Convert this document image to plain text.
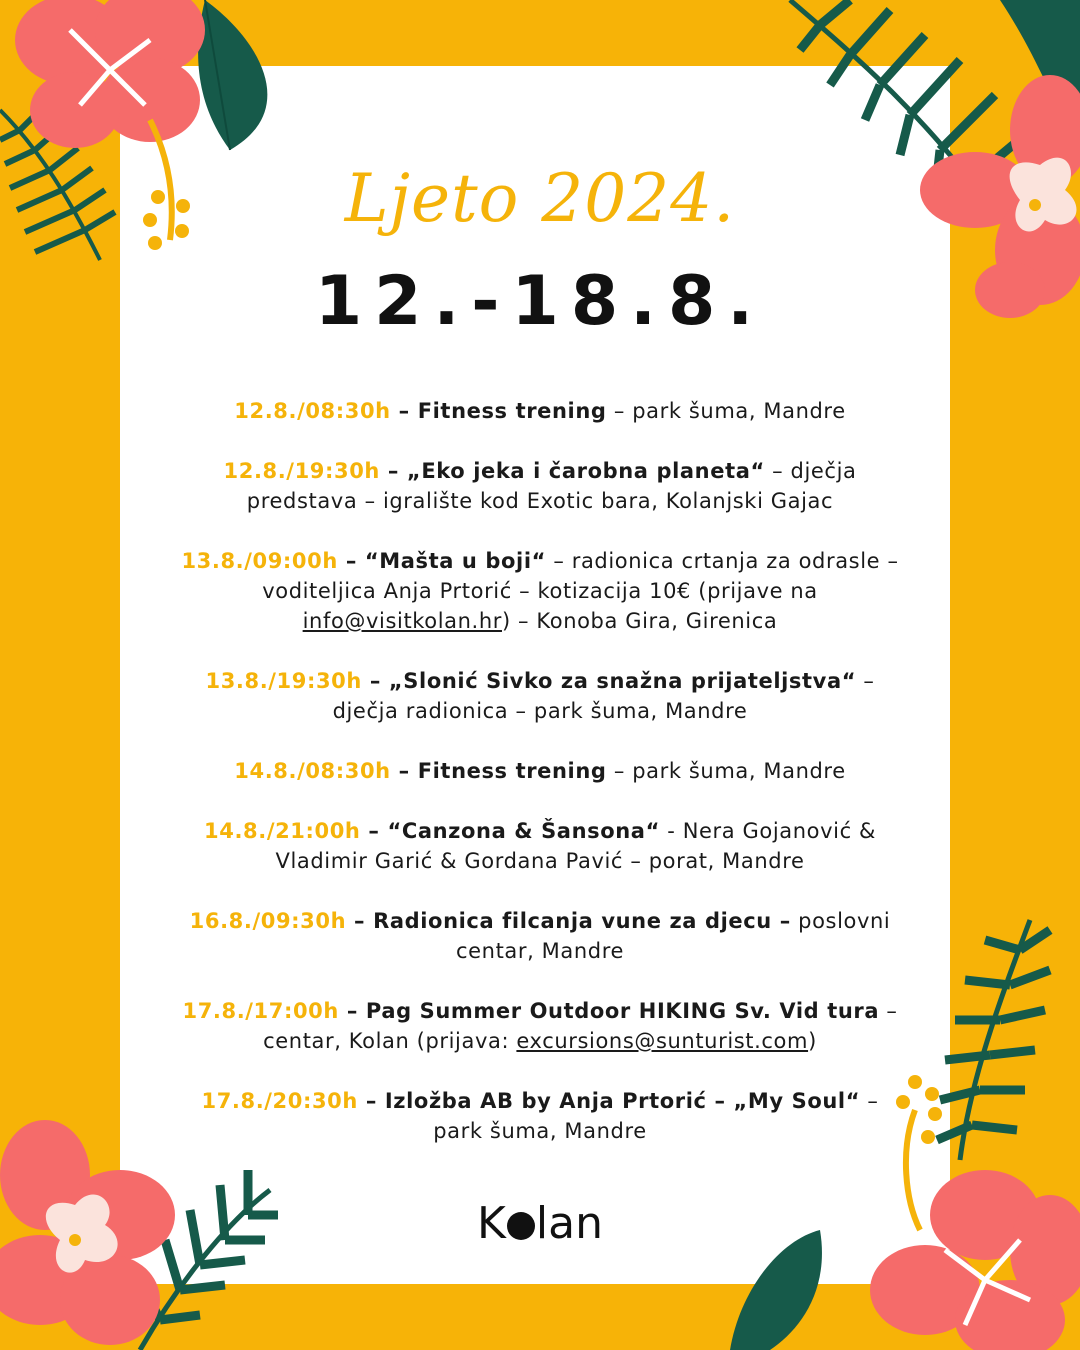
Ljeto 2024.
12.-18.8.
12.8./08:30h – Fitness trening – park šuma, Mandre
12.8./19:30h – „Eko jeka i čarobna planeta“ – dječja predstava – igralište kod Exotic bara, Kolanjski Gajac
13.8./09:00h – “Mašta u boji“ – radionica crtanja za odrasle – voditeljica Anja Prtorić – kotizacija 10€ (prijave na info@visitkolan.hr) – Konoba Gira, Girenica
13.8./19:30h – „Slonić Sivko za snažna prijateljstva“ – dječja radionica – park šuma, Mandre
14.8./08:30h – Fitness trening – park šuma, Mandre
14.8./21:00h – “Canzona & Šansona“ - Nera Gojanović & Vladimir Garić & Gordana Pavić – porat, Mandre
16.8./09:30h – Radionica filcanja vune za djecu – poslovni centar, Mandre
17.8./17:00h – Pag Summer Outdoor HIKING Sv. Vid tura – centar, Kolan (prijava: excursions@sunturist.com)
17.8./20:30h – Izložba AB by Anja Prtorić – „My Soul“ – park šuma, Mandre
K lan
